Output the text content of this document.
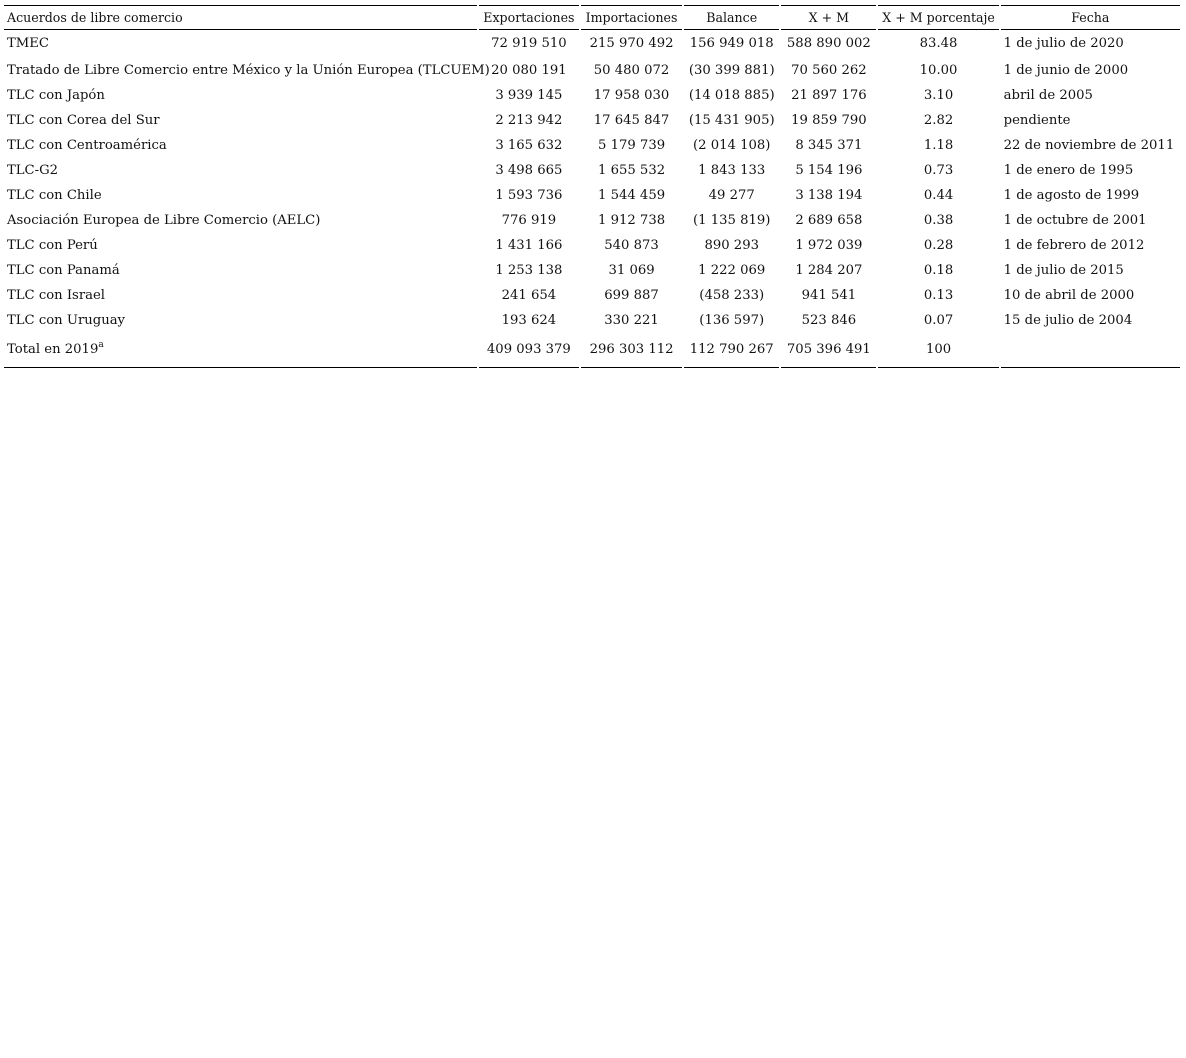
Acuerdos de libre comercio	Exportaciones	Importaciones	Balance	X + M	X + M porcentaje	Fecha
TMEC	72 919 510	215 970 492	156 949 018	588 890 002	83.48	1 de julio de 2020
Tratado de Libre Comercio entre México y la Unión Europea (TLCUEM)	20 080 191	50 480 072	(30 399 881)	70 560 262	10.00	1 de junio de 2000
TLC con Japón	3 939 145	17 958 030	(14 018 885)	21 897 176	3.10	abril de 2005
TLC con Corea del Sur	2 213 942	17 645 847	(15 431 905)	19 859 790	2.82	pendiente
TLC con Centroamérica	3 165 632	5 179 739	(2 014 108)	8 345 371	1.18	22 de noviembre de 2011
TLC-G2	3 498 665	1 655 532	1 843 133	5 154 196	0.73	1 de enero de 1995
TLC con Chile	1 593 736	1 544 459	49 277	3 138 194	0.44	1 de agosto de 1999
Asociación Europea de Libre Comercio (AELC)	776 919	1 912 738	(1 135 819)	2 689 658	0.38	1 de octubre de 2001
TLC con Perú	1 431 166	540 873	890 293	1 972 039	0.28	1 de febrero de 2012
TLC con Panamá	1 253 138	31 069	1 222 069	1 284 207	0.18	1 de julio de 2015
TLC con Israel	241 654	699 887	(458 233)	941 541	0.13	10 de abril de 2000
TLC con Uruguay	193 624	330 221	(136 597)	523 846	0.07	15 de julio de 2004
Total en 2019$^a$	409 093 379	296 303 112	112 790 267	705 396 491	100	
